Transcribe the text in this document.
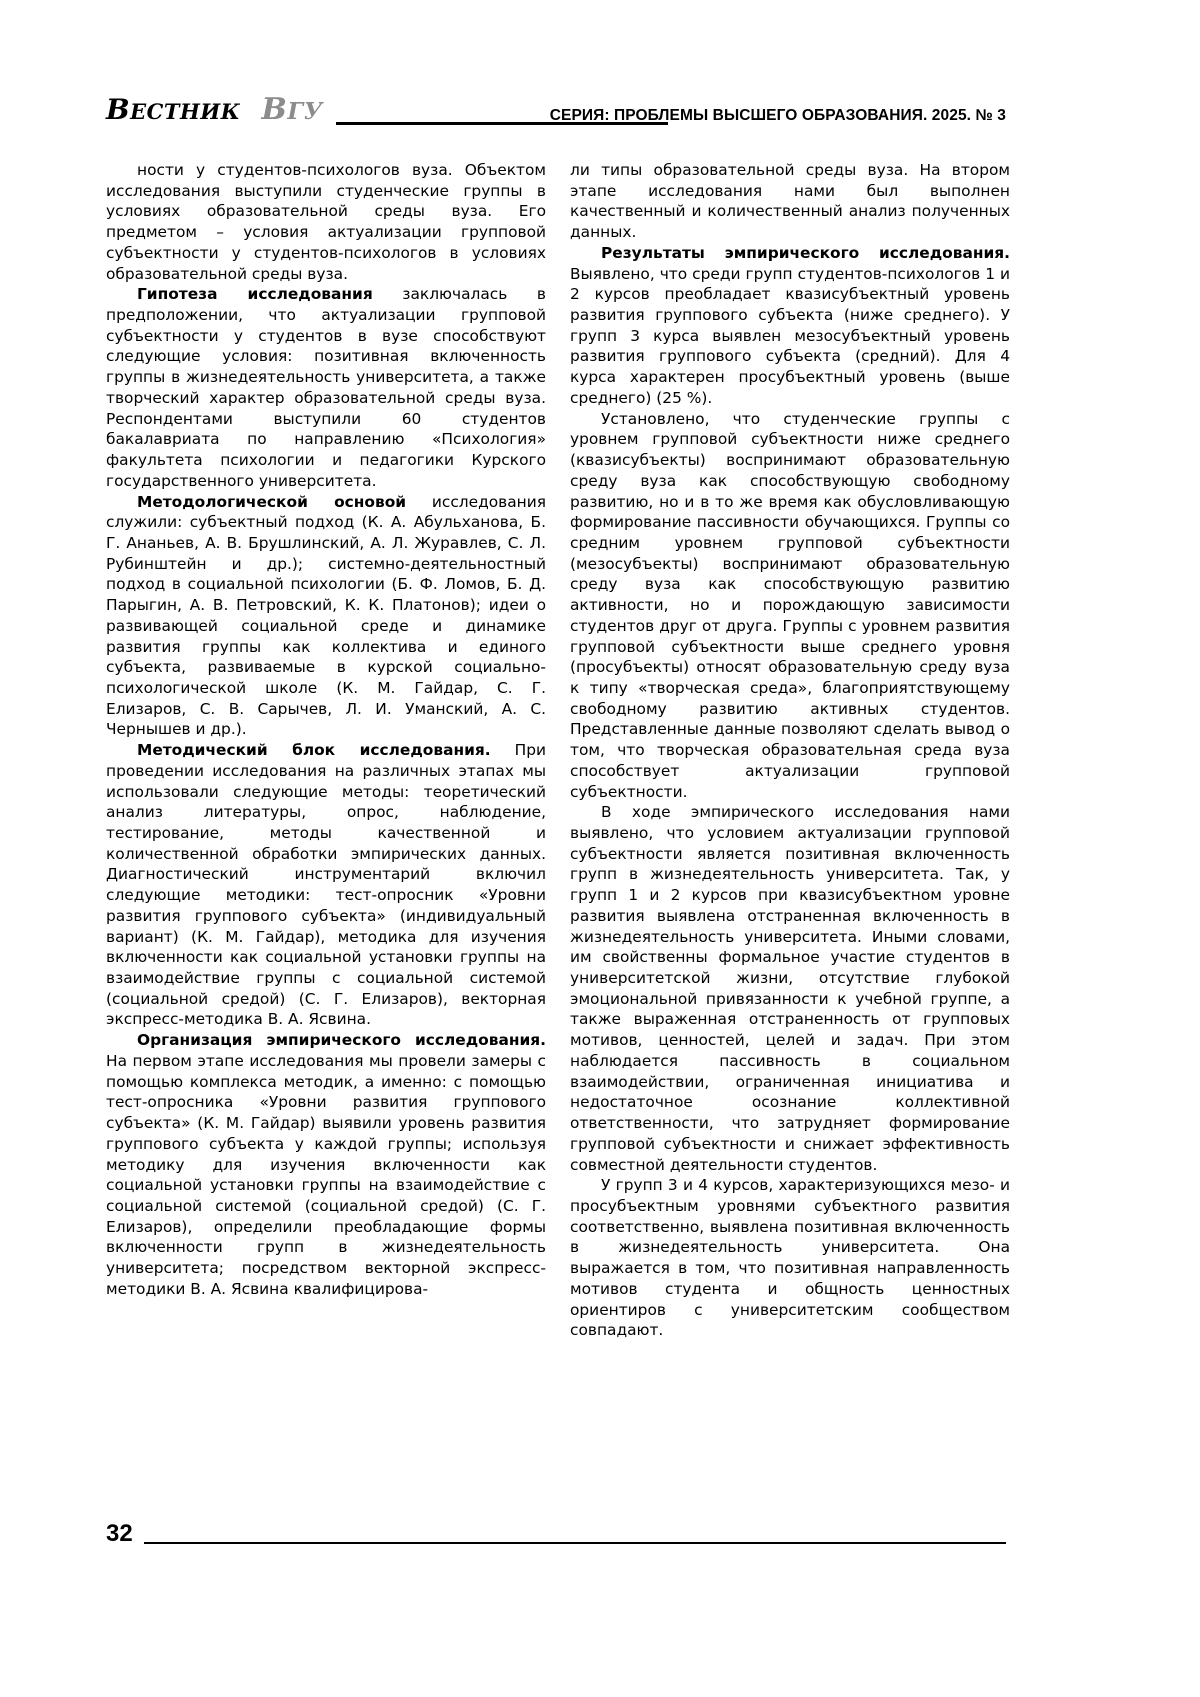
ВЕСТНИК  ВГУ	СЕРИЯ: ПРОБЛЕМЫ ВЫСШЕГО ОБРАЗОВАНИЯ. 2025. № 3

ности у студентов-психологов вуза. Объектом исследования выступили студенческие группы в условиях образовательной среды вуза. Его предметом – условия актуализации групповой субъектности у студентов-психологов в условиях образовательной среды вуза.

Гипотеза исследования заключалась в предположении, что актуализации групповой субъектности у студентов в вузе способствуют следующие условия: позитивная включенность группы в жизнедеятельность университета, а также творческий характер образовательной среды вуза. Респондентами выступили 60 студентов бакалавриата по направлению «Психология» факультета психологии и педагогики Курского государственного университета.

Методологической основой исследования служили: субъектный подход (К. А. Абульханова, Б. Г. Ананьев, А. В. Брушлинский, А. Л. Журавлев, С. Л. Рубинштейн и др.); системно-деятельностный подход в социальной психологии (Б. Ф. Ломов, Б. Д. Парыгин, А. В. Петровский, К. К. Платонов); идеи о развивающей социальной среде и динамике развития группы как коллектива и единого субъекта, развиваемые в курской социально-психологической школе (К. М. Гайдар, С. Г. Елизаров, С. В. Сарычев, Л. И. Уманский, А. С. Чернышев и др.).

Методический блок исследования. При проведении исследования на различных этапах мы использовали следующие методы: теоретический анализ литературы, опрос, наблюдение, тестирование, методы качественной и количественной обработки эмпирических данных. Диагностический инструментарий включил следующие методики: тест-опросник «Уровни развития группового субъекта» (индивидуальный вариант) (К. М. Гайдар), методика для изучения включенности как социальной установки группы на взаимодействие группы с социальной системой (социальной средой) (С. Г. Елизаров), векторная экспресс-методика В. А. Ясвина.

Организация эмпирического исследования. На первом этапе исследования мы провели замеры с помощью комплекса методик, а именно: с помощью тест-опросника «Уровни развития группового субъекта» (К. М. Гайдар) выявили уровень развития группового субъекта у каждой группы; используя методику для изучения включенности как социальной установки группы на взаимодействие с социальной системой (социальной средой) (С. Г. Елизаров), определили преобладающие формы включенности групп в жизнедеятельность университета; посредством векторной экспресс-методики В. А. Ясвина квалифицирова-

ли типы образовательной среды вуза. На втором этапе исследования нами был выполнен качественный и количественный анализ полученных данных.

Результаты эмпирического исследования. Выявлено, что среди групп студентов-психологов 1 и 2 курсов преобладает квазисубъектный уровень развития группового субъекта (ниже среднего). У групп 3 курса выявлен мезосубъектный уровень развития группового субъекта (средний). Для 4 курса характерен просубъектный уровень (выше среднего) (25 %).

Установлено, что студенческие группы с уровнем групповой субъектности ниже среднего (квазисубъекты) воспринимают образовательную среду вуза как способствующую свободному развитию, но и в то же время как обусловливающую формирование пассивности обучающихся. Группы со средним уровнем групповой субъектности (мезосубъекты) воспринимают образовательную среду вуза как способствующую развитию активности, но и порождающую зависимости студентов друг от друга. Группы с уровнем развития групповой субъектности выше среднего уровня (просубъекты) относят образовательную среду вуза к типу «творческая среда», благоприятствующему свободному развитию активных студентов. Представленные данные позволяют сделать вывод о том, что творческая образовательная среда вуза способствует актуализации групповой субъектности.

В ходе эмпирического исследования нами выявлено, что условием актуализации групповой субъектности является позитивная включенность групп в жизнедеятельность университета. Так, у групп 1 и 2 курсов при квазисубъектном уровне развития выявлена отстраненная включенность в жизнедеятельность университета. Иными словами, им свойственны формальное участие студентов в университетской жизни, отсутствие глубокой эмоциональной привязанности к учебной группе, а также выраженная отстраненность от групповых мотивов, ценностей, целей и задач. При этом наблюдается пассивность в социальном взаимодействии, ограниченная инициатива и недостаточное осознание коллективной ответственности, что затрудняет формирование групповой субъектности и снижает эффективность совместной деятельности студентов.

У групп 3 и 4 курсов, характеризующихся мезо- и просубъектным уровнями субъектного развития соответственно, выявлена позитивная включенность в жизнедеятельность университета. Она выражается в том, что позитивная направленность мотивов студента и общность ценностных ориентиров с университетским сообществом совпадают.

32
